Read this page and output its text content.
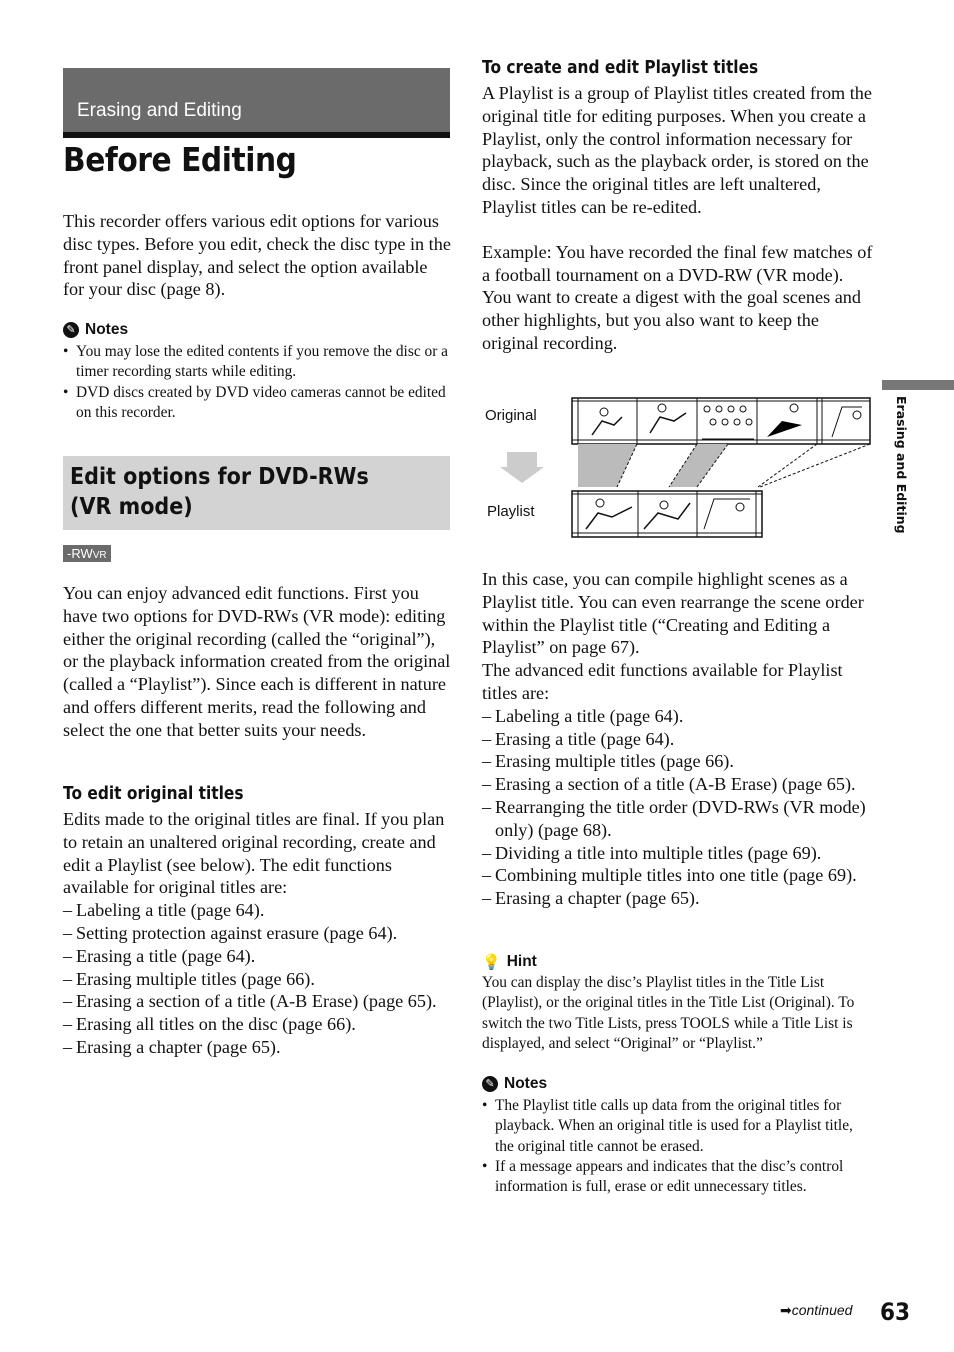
Erasing and Editing
Before Editing
This recorder offers various edit options for various disc types. Before you edit, check the disc type in the front panel display, and select the option available for your disc (page 8).
✎ Notes
• You may lose the edited contents if you remove the disc or a timer recording starts while editing.
• DVD discs created by DVD video cameras cannot be edited on this recorder.
Edit options for DVD-RWs (VR mode)
-RWVR
You can enjoy advanced edit functions. First you have two options for DVD-RWs (VR mode): editing either the original recording (called the “original”), or the playback information created from the original (called a “Playlist”). Since each is different in nature and offers different merits, read the following and select the one that better suits your needs.
To edit original titles
Edits made to the original titles are final. If you plan to retain an unaltered original recording, create and edit a Playlist (see below). The edit functions available for original titles are:
– Labeling a title (page 64).
– Setting protection against erasure (page 64).
– Erasing a title (page 64).
– Erasing multiple titles (page 66).
– Erasing a section of a title (A-B Erase) (page 65).
– Erasing all titles on the disc (page 66).
– Erasing a chapter (page 65).
To create and edit Playlist titles
A Playlist is a group of Playlist titles created from the original title for editing purposes. When you create a Playlist, only the control information necessary for playback, such as the playback order, is stored on the disc. Since the original titles are left unaltered, Playlist titles can be re-edited.
Example: You have recorded the final few matches of a football tournament on a DVD-RW (VR mode). You want to create a digest with the goal scenes and other highlights, but you also want to keep the original recording.
Original
Playlist
In this case, you can compile highlight scenes as a Playlist title. You can even rearrange the scene order within the Playlist title (“Creating and Editing a Playlist” on page 67).
The advanced edit functions available for Playlist titles are:
– Labeling a title (page 64).
– Erasing a title (page 64).
– Erasing multiple titles (page 66).
– Erasing a section of a title (A-B Erase) (page 65).
– Rearranging the title order (DVD-RWs (VR mode) only) (page 68).
– Dividing a title into multiple titles (page 69).
– Combining multiple titles into one title (page 69).
– Erasing a chapter (page 65).
💡 Hint
You can display the disc’s Playlist titles in the Title List (Playlist), or the original titles in the Title List (Original). To switch the two Title Lists, press TOOLS while a Title List is displayed, and select “Original” or “Playlist.”
✎ Notes
• The Playlist title calls up data from the original titles for playback. When an original title is used for a Playlist title, the original title cannot be erased.
• If a message appears and indicates that the disc’s control information is full, erase or edit unnecessary titles.
Erasing and Editing
➡continued 63
